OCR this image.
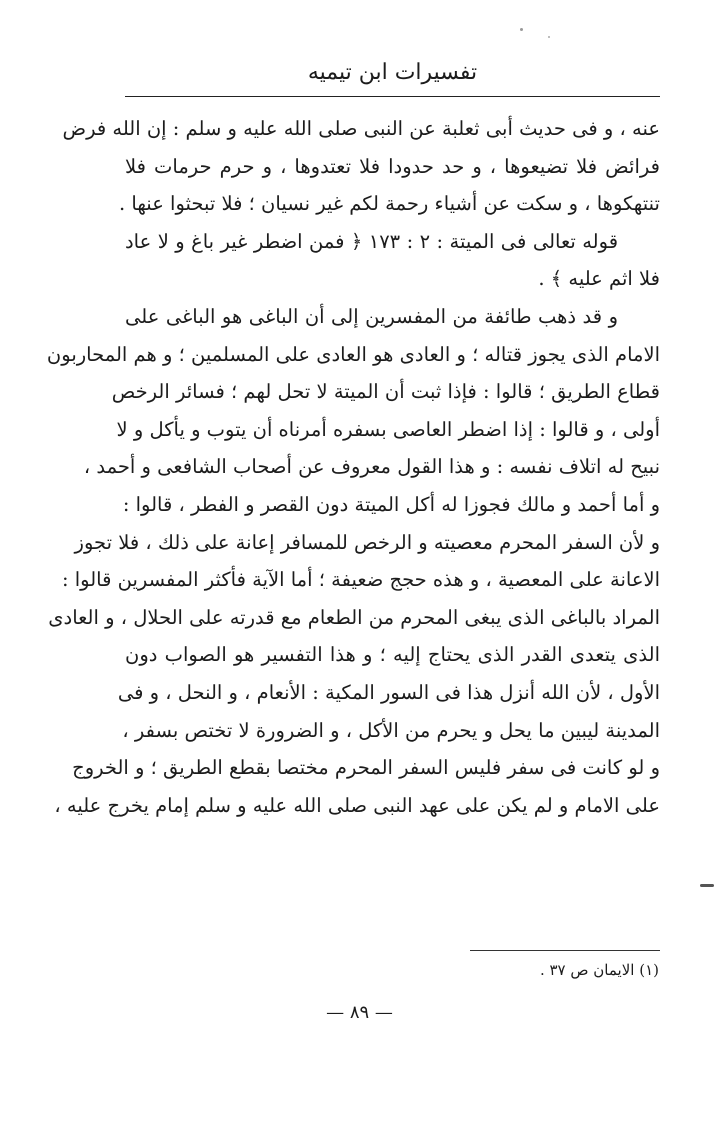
تفسيرات ابن تيميه
عنه ، و فى حديث أبى ثعلبة عن النبى صلى الله عليه و سلم : إن الله فرض
فرائض فلا تضيعوها ، و حد حدودا فلا تعتدوها ، و حرم حرمات فلا
تنتهكوها ، و سكت عن أشياء رحمة لكم غير نسيان ؛ فلا تبحثوا عنها .
قوله تعالى فى الميتة : ٢ : ١٧٣ ﴿ فمن اضطر غير باغ و لا عاد
فلا اثم عليه ﴾ .
و قد ذهب طائفة من المفسرين إلى أن الباغى هو الباغى على
الامام الذى يجوز قتاله ؛ و العادى هو العادى على المسلمين ؛ و هم المحاربون
قطاع الطريق ؛ قالوا : فإذا ثبت أن الميتة لا تحل لهم ؛ فسائر الرخص
أولى ، و قالوا : إذا اضطر العاصى بسفره أمرناه أن يتوب و يأكل و لا
نبيح له اتلاف نفسه : و هذا القول معروف عن أصحاب الشافعى و أحمد ،
و أما أحمد و مالك فجوزا له أكل الميتة دون القصر و الفطر ، قالوا :
و لأن السفر المحرم معصيته و الرخص للمسافر إعانة على ذلك ، فلا تجوز
الاعانة على المعصية ، و هذه حجج ضعيفة ؛ أما الآية فأكثر المفسرين قالوا :
المراد بالباغى الذى يبغى المحرم من الطعام مع قدرته على الحلال ، و العادى
الذى يتعدى القدر الذى يحتاج إليه ؛ و هذا التفسير هو الصواب دون
الأول ، لأن الله أنزل هذا فى السور المكية : الأنعام ، و النحل ، و فى
المدينة ليبين ما يحل و يحرم من الأكل ، و الضرورة لا تختص بسفر ،
و لو كانت فى سفر فليس السفر المحرم مختصا بقطع الطريق ؛ و الخروج
على الامام و لم يكن على عهد النبى صلى الله عليه و سلم إمام يخرج عليه ،
(١) الايمان ص ٣٧ .
— ٨٩ —
